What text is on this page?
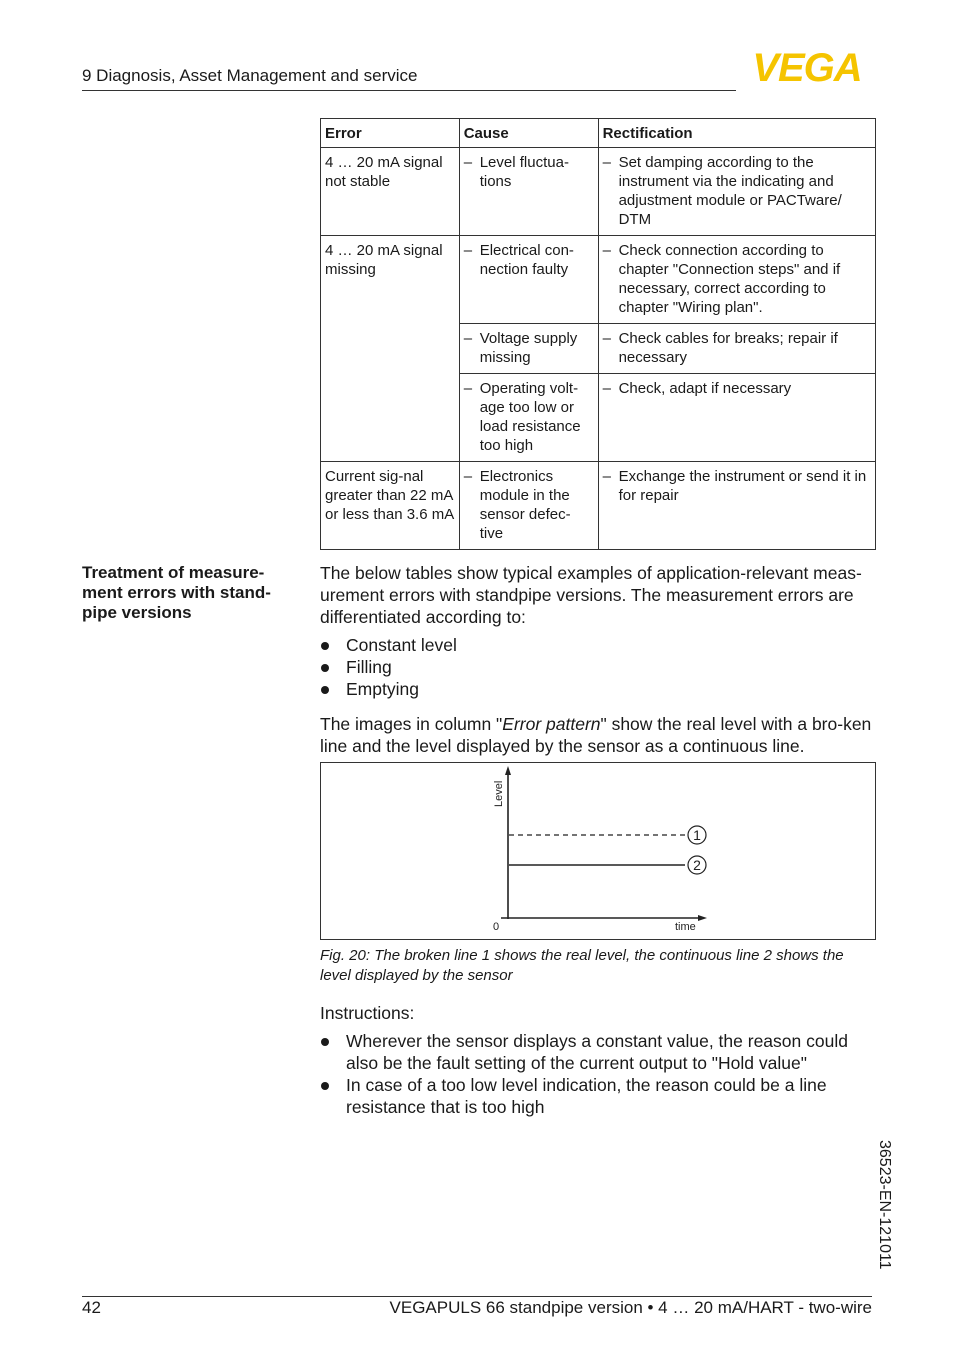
9 Diagnosis, Asset Management and service	VEGA
Error	Cause	Rectification
4 … 20 mA signal not stable	– Level fluctua-tions	– Set damping according to the instrument via the indicating and adjustment module or PACTware/ DTM

4 … 20 mA signal missing	– Electrical con-nection faulty	– Check connection according to chapter "Connection steps" and if necessary, correct according to chapter "Wiring plan".

	– Voltage supply missing	– Check cables for breaks; repair if necessary

	– Operating volt-age too low or load resistance too high	– Check, adapt if necessary

Current sig-nal greater than 22 mA or less than 3.6 mA	– Electronics module in the sensor defec-tive	– Exchange the instrument or send it in for repair
Treatment of measure-ment errors with stand-pipe versions
The below tables show typical examples of application-relevant meas-urement errors with standpipe versions. The measurement errors are differentiated according to:
Constant level
Filling
Emptying
The images in column "Error pattern" show the real level with a bro-ken line and the level displayed by the sensor as a continuous line.
Level
0	time
1
2
Fig. 20: The broken line 1 shows the real level, the continuous line 2 shows the level displayed by the sensor
Instructions:
Wherever the sensor displays a constant value, the reason could also be the fault setting of the current output to "Hold value"
In case of a too low level indication, the reason could be a line resistance that is too high
36523-EN-121011
42	VEGAPULS 66 standpipe version • 4 … 20 mA/HART - two-wire
